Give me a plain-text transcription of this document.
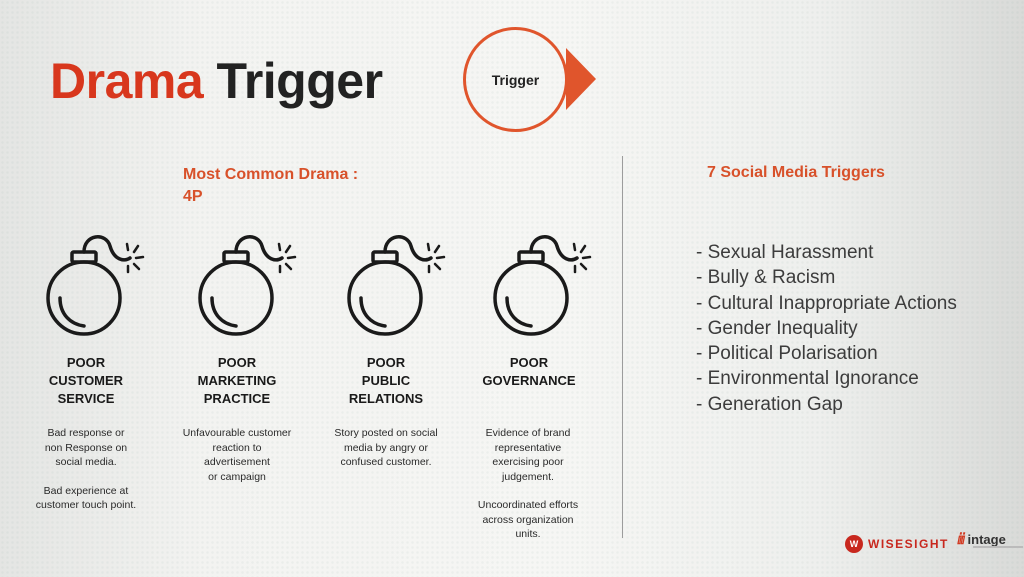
Drama Trigger	Trigger
Most Common Drama :
4P
POOR
CUSTOMER
SERVICE
Bad response or
non Response on
social media.
Bad experience at
customer touch point.
POOR
MARKETING
PRACTICE
Unfavourable customer
reaction to
advertisement
or campaign
POOR
PUBLIC
RELATIONS
Story posted on social
media by angry or
confused customer.
POOR
GOVERNANCE
Evidence of brand
representative
exercising poor
judgement.
Uncoordinated efforts
across organization
units.
7 Social Media Triggers
- Sexual Harassment
- Bully & Racism
- Cultural Inappropriate Actions
- Gender Inequality
- Political Polarisation
- Environmental Ignorance
- Generation Gap
W WISESIGHT ⅈⅈ intage
